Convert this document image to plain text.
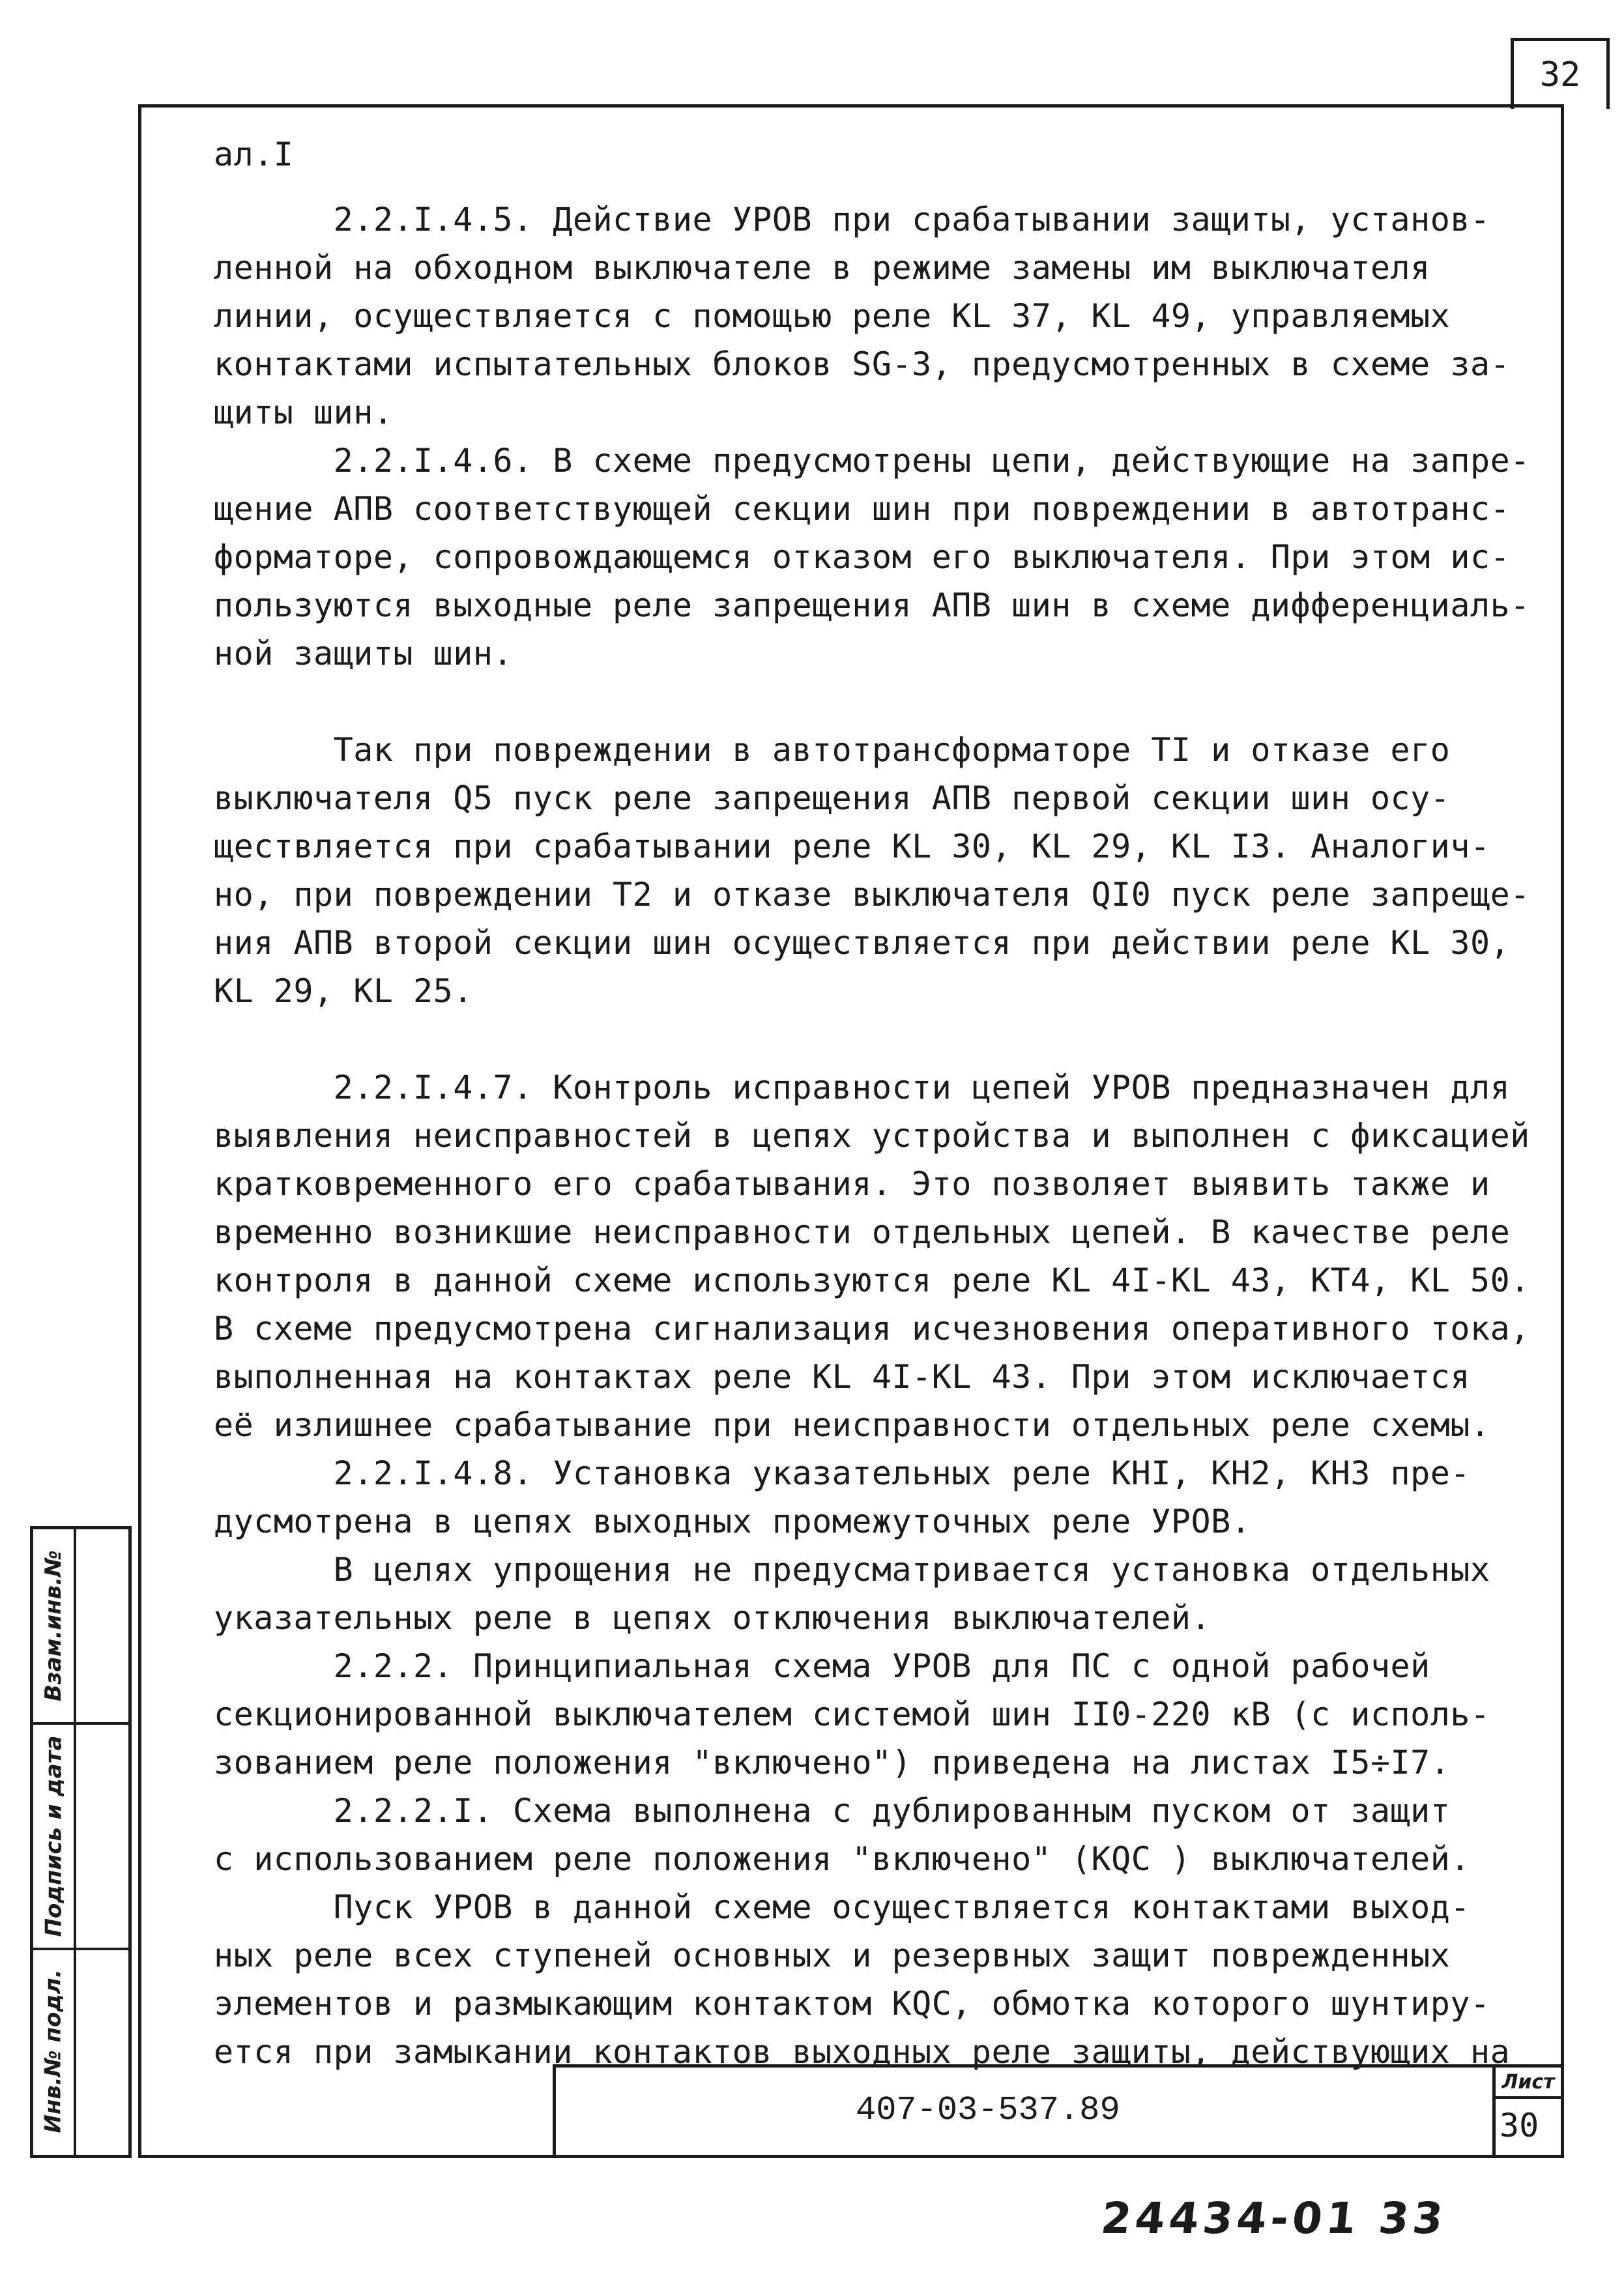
32
Взам.инв.№
Подпись и дата
Инв.№ подл.
ал.I
2.2.I.4.5. Действие УРОВ при срабатывании защиты, установ-
ленной на обходном выключателе в режиме замены им выключателя
линии, осуществляется с помощью реле KL 37, KL 49, управляемых
контактами испытательных блоков SG-3, предусмотренных в схеме за-
щиты шин.
2.2.I.4.6. В схеме предусмотрены цепи, действующие на запре-
щение АПВ соответствующей секции шин при повреждении в автотранс-
форматоре, сопровождающемся отказом его выключателя. При этом ис-
пользуются выходные реле запрещения АПВ шин в схеме дифференциаль-
ной защиты шин.
Так при повреждении в автотрансформаторе TI и отказе его
выключателя Q5 пуск реле запрещения АПВ первой секции шин осу-
ществляется при срабатывании реле KL 30, KL 29, KL I3. Аналогич-
но, при повреждении T2 и отказе выключателя QI0 пуск реле запреще-
ния АПВ второй секции шин осуществляется при действии реле KL 30,
KL 29, KL 25.
2.2.I.4.7. Контроль исправности цепей УРОВ предназначен для
выявления неисправностей в цепях устройства и выполнен с фиксацией
кратковременного его срабатывания. Это позволяет выявить также и
временно возникшие неисправности отдельных цепей. В качестве реле
контроля в данной схеме используются реле KL 4I-KL 43, KT4, KL 50.
В схеме предусмотрена сигнализация исчезновения оперативного тока,
выполненная на контактах реле KL 4I-KL 43. При этом исключается
её излишнее срабатывание при неисправности отдельных реле схемы.
2.2.I.4.8. Установка указательных реле KHI, KH2, KH3 пре-
дусмотрена в цепях выходных промежуточных реле УРОВ.
В целях упрощения не предусматривается установка отдельных
указательных реле в цепях отключения выключателей.
2.2.2. Принципиальная схема УРОВ для ПС с одной рабочей
секционированной выключателем системой шин II0-220 кВ (с исполь-
зованием реле положения "включено") приведена на листах I5÷I7.
2.2.2.I. Схема выполнена с дублированным пуском от защит
с использованием реле положения "включено" (KQC ) выключателей.
Пуск УРОВ в данной схеме осуществляется контактами выход-
ных реле всех ступеней основных и резервных защит поврежденных
элементов и размыкающим контактом KQC, обмотка которого шунтиру-
ется при замыкании контактов выходных реле защиты, действующих на
407-03-537.89
Лист
30
24434-01 33
